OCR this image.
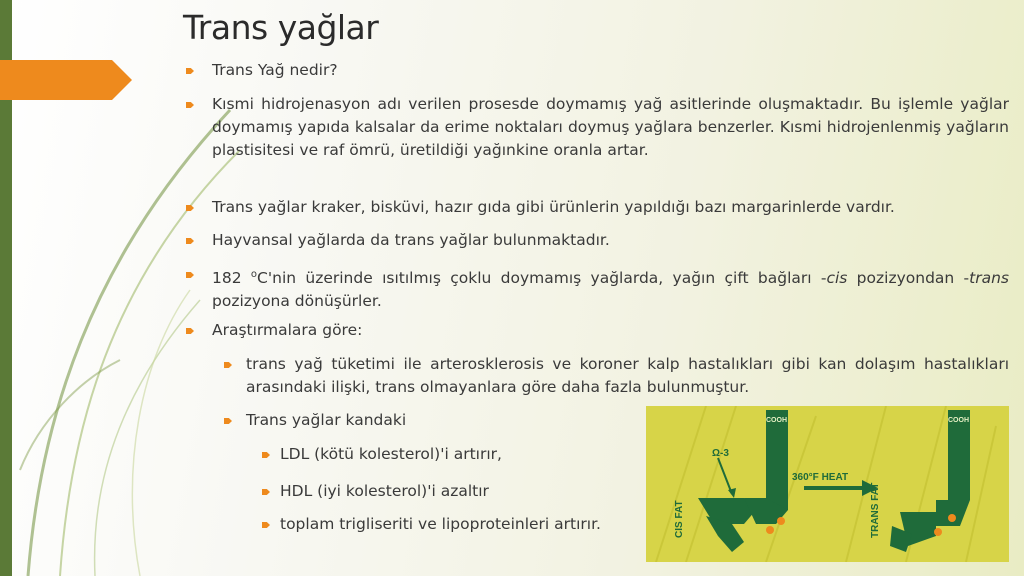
Trans yağlar
Trans Yağ nedir?
Kısmi hidrojenasyon adı verilen prosesde doymamış yağ asitlerinde oluşmaktadır. Bu işlemle yağlar doymamış yapıda kalsalar da erime noktaları doymuş yağlara benzerler. Kısmi hidrojenlenmiş yağların plastisitesi ve raf ömrü, üretildiği yağınkine oranla artar.
Trans yağlar kraker, bisküvi, hazır gıda gibi ürünlerin yapıldığı bazı margarinlerde vardır.
Hayvansal yağlarda da trans yağlar bulunmaktadır.
182 $^o$C'nin üzerinde ısıtılmış çoklu doymamış yağlarda, yağın çift bağları -cis pozizyondan -trans pozizyona dönüşürler.
Araştırmalara göre:
trans yağ tüketimi ile arterosklerosis ve koroner kalp hastalıkları gibi kan dolaşım hastalıkları arasındaki ilişki, trans olmayanlara göre daha fazla bulunmuştur.
Trans yağlar kandaki
LDL (kötü kolesterol)'i artırır,
HDL (iyi kolesterol)'i azaltır
toplam trigliseriti ve lipoproteinleri artırır.
Ω-3
360°F HEAT
COOH	COOH
CIS FAT	TRANS FAT
